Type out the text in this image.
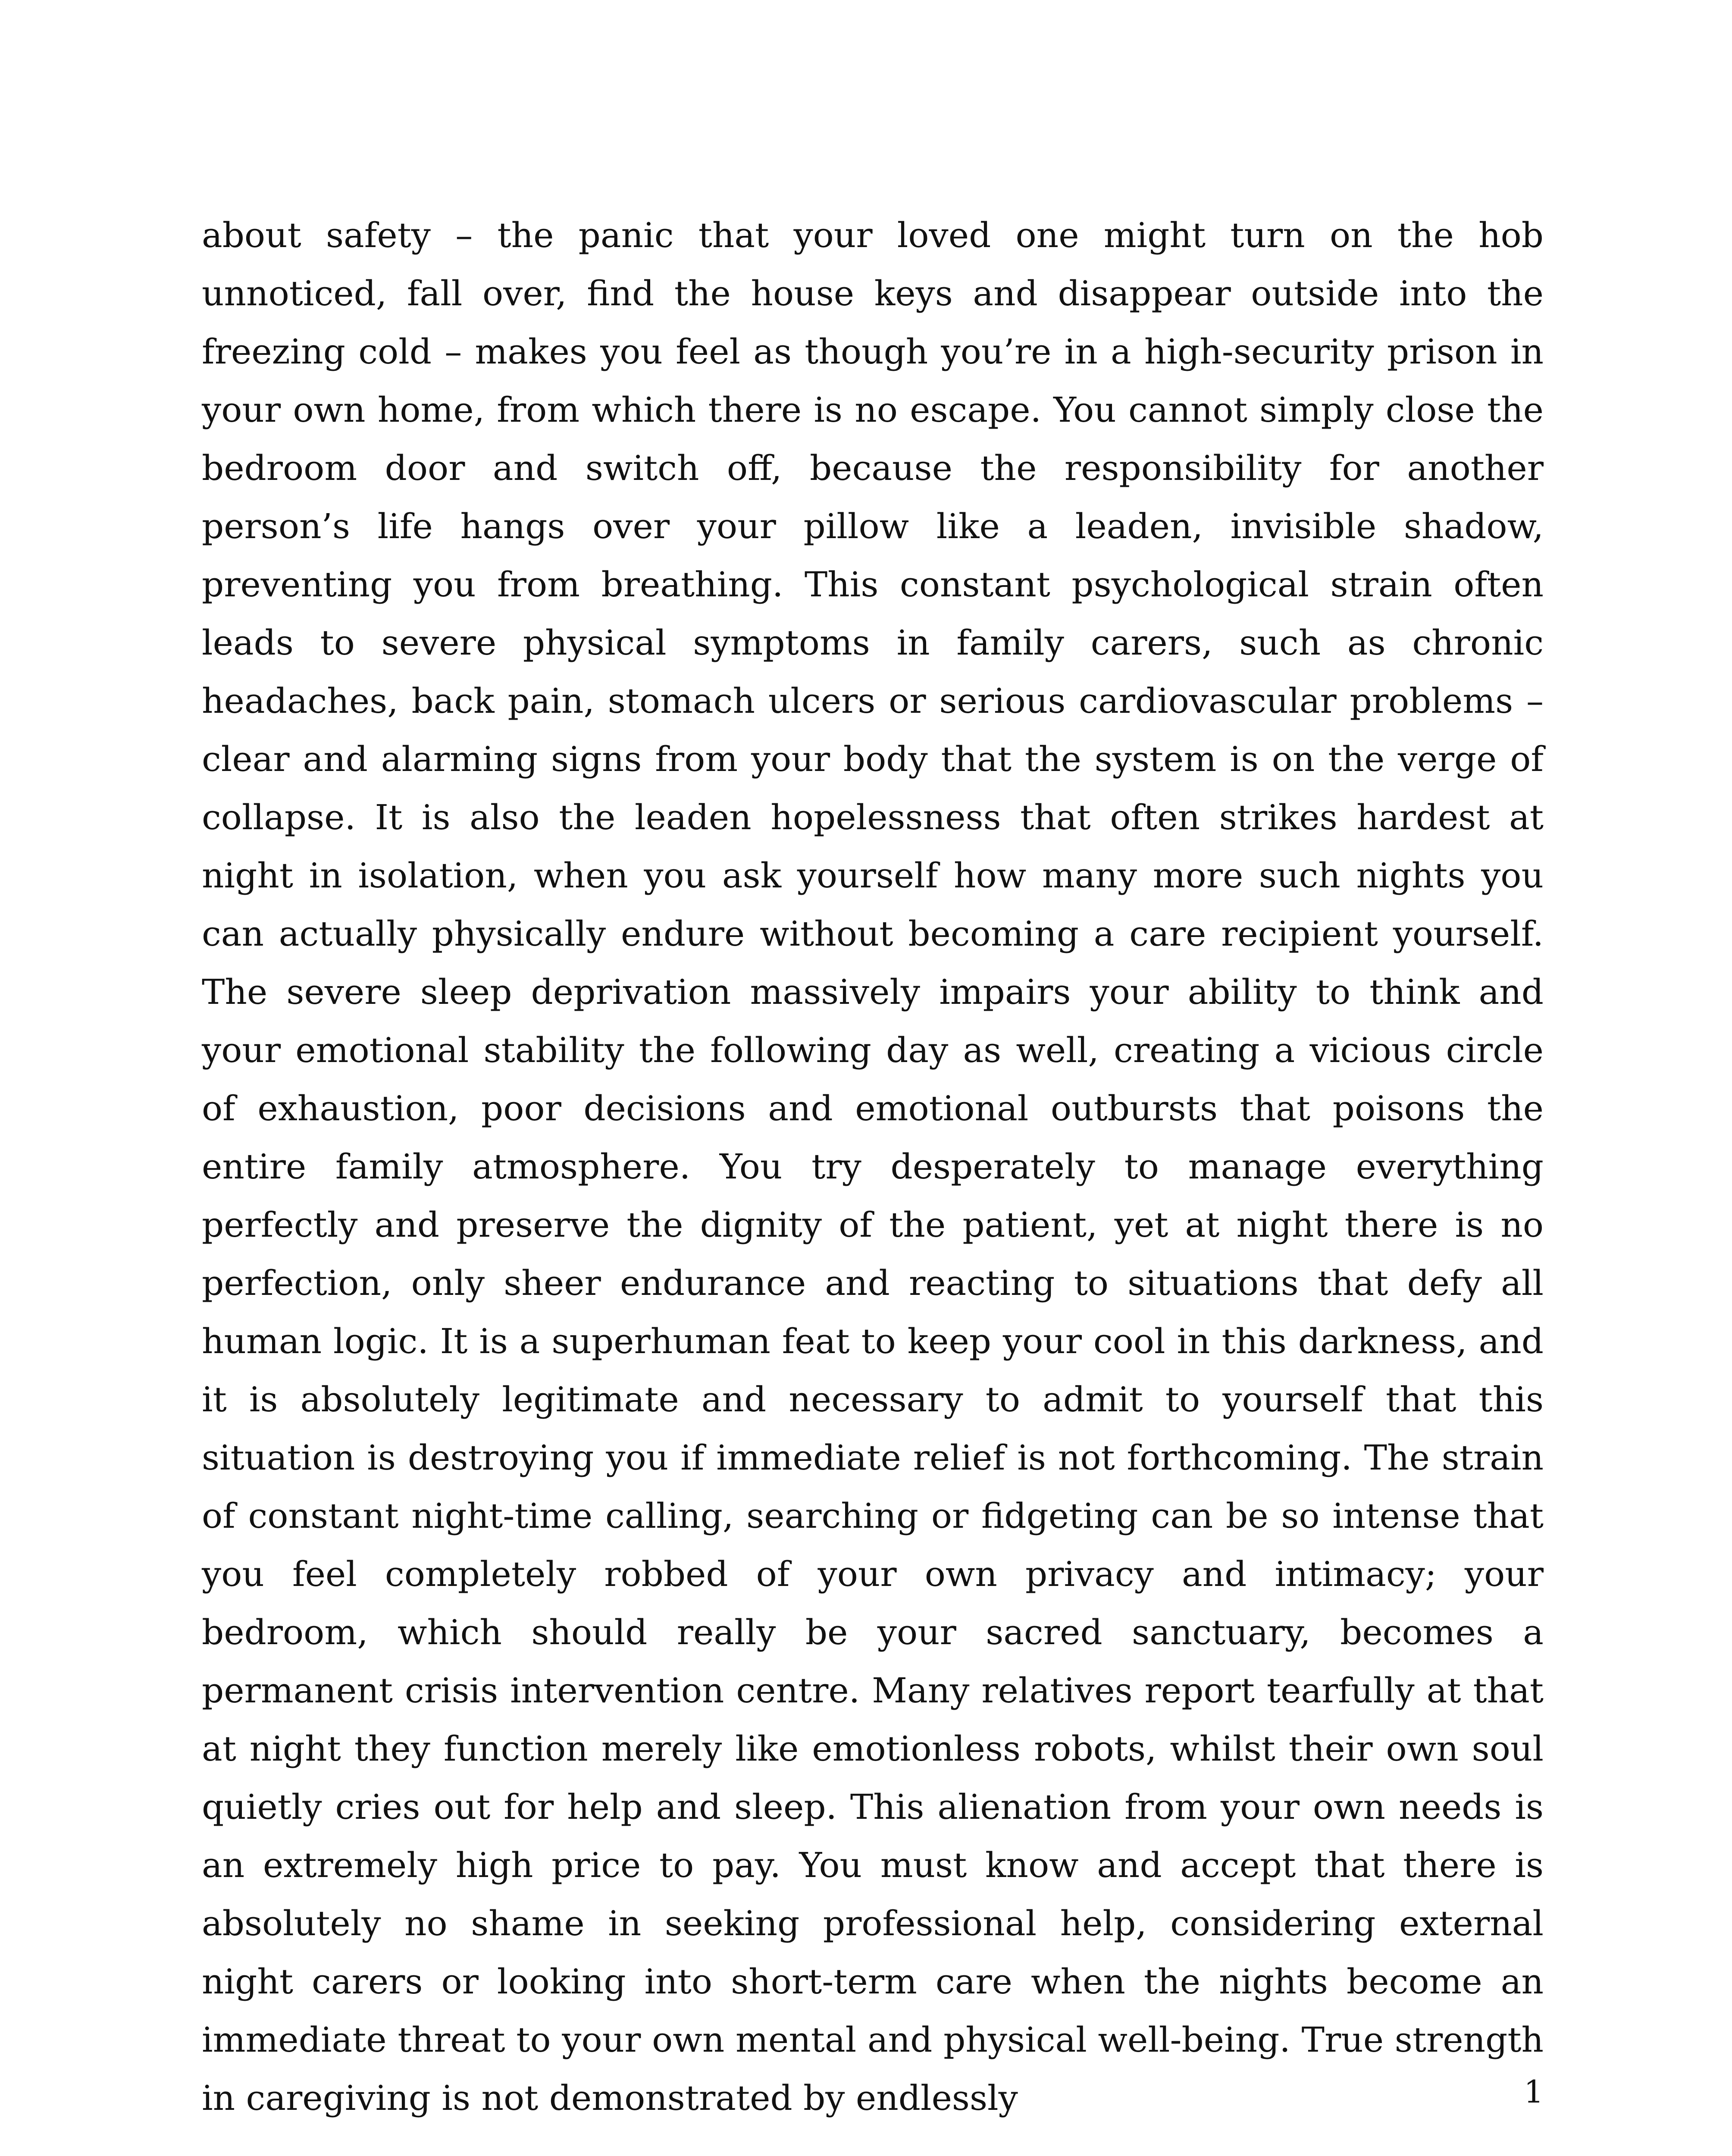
about safety – the panic that your loved one might turn on the hob unnoticed, fall over, find the house keys and disappear outside into the freezing cold – makes you feel as though you’re in a high-security prison in your own home, from which there is no escape. You cannot simply close the bedroom door and switch off, because the responsibility for another person’s life hangs over your pillow like a leaden, invisible shadow, preventing you from breathing. This constant psychological strain often leads to severe physical symptoms in family carers, such as chronic headaches, back pain, stomach ulcers or serious cardiovascular problems – clear and alarming signs from your body that the system is on the verge of collapse. It is also the leaden hopelessness that often strikes hardest at night in isolation, when you ask yourself how many more such nights you can actually physically endure without becoming a care recipient yourself. The severe sleep deprivation massively impairs your ability to think and your emotional stability the following day as well, creating a vicious circle of exhaustion, poor decisions and emotional outbursts that poisons the entire family atmosphere. You try desperately to manage everything perfectly and preserve the dignity of the patient, yet at night there is no perfection, only sheer endurance and reacting to situations that defy all human logic. It is a superhuman feat to keep your cool in this darkness, and it is absolutely legitimate and necessary to admit to yourself that this situation is destroying you if immediate relief is not forthcoming. The strain of constant night-time calling, searching or fidgeting can be so intense that you feel completely robbed of your own privacy and intimacy; your bedroom, which should really be your sacred sanctuary, becomes a permanent crisis intervention centre. Many relatives report tearfully at that at night they function merely like emotionless robots, whilst their own soul quietly cries out for help and sleep. This alienation from your own needs is an extremely high price to pay. You must know and accept that there is absolutely no shame in seeking professional help, considering external night carers or looking into short-term care when the nights become an immediate threat to your own mental and physical well-being. True strength in caregiving is not demonstrated by endlessly	1
